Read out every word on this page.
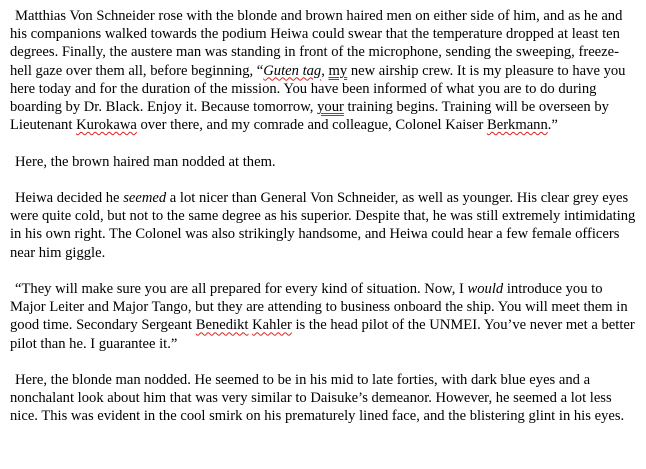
Matthias Von Schneider rose with the blonde and brown haired men on either side of him, and as he and his companions walked towards the podium Heiwa could swear that the temperature dropped at least ten degrees. Finally, the austere man was standing in front of the microphone, sending the sweeping, freeze-hell gaze over them all, before beginning, “Guten tag, my new airship crew. It is my pleasure to have you here today and for the duration of the mission. You have been informed of what you are to do during boarding by Dr. Black. Enjoy it. Because tomorrow, your training begins. Training will be overseen by Lieutenant Kurokawa over there, and my comrade and colleague, Colonel Kaiser Berkmann.”

Here, the brown haired man nodded at them.

Heiwa decided he seemed a lot nicer than General Von Schneider, as well as younger. His clear grey eyes were quite cold, but not to the same degree as his superior. Despite that, he was still extremely intimidating in his own right. The Colonel was also strikingly handsome, and Heiwa could hear a few female officers near him giggle.

“They will make sure you are all prepared for every kind of situation. Now, I would introduce you to Major Leiter and Major Tango, but they are attending to business onboard the ship. You will meet them in good time. Secondary Sergeant Benedikt Kahler is the head pilot of the UNMEI. You’ve never met a better pilot than he. I guarantee it.”

Here, the blonde man nodded. He seemed to be in his mid to late forties, with dark blue eyes and a nonchalant look about him that was very similar to Daisuke’s demeanor. However, he seemed a lot less nice. This was evident in the cool smirk on his prematurely lined face, and the blistering glint in his eyes.
